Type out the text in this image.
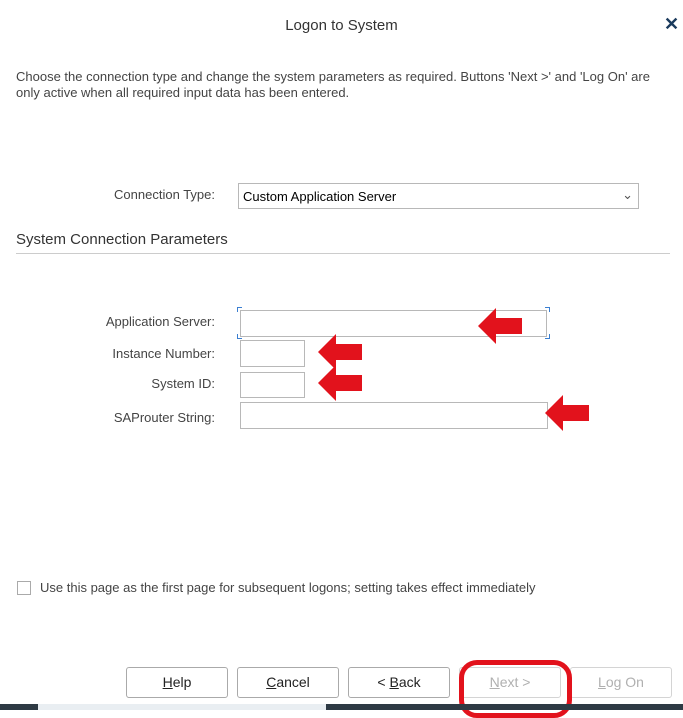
Logon to System	✕
Choose the connection type and change the system parameters as required. Buttons 'Next >' and 'Log On' are only active when all required input data has been entered.
Connection Type: Custom Application Server	⌄
System Connection Parameters
Application Server:
Instance Number:
System ID:
SAProuter String:
Use this page as the first page for subsequent logons; setting takes effect immediately
Help	Cancel	< Back	Next >	Log On
